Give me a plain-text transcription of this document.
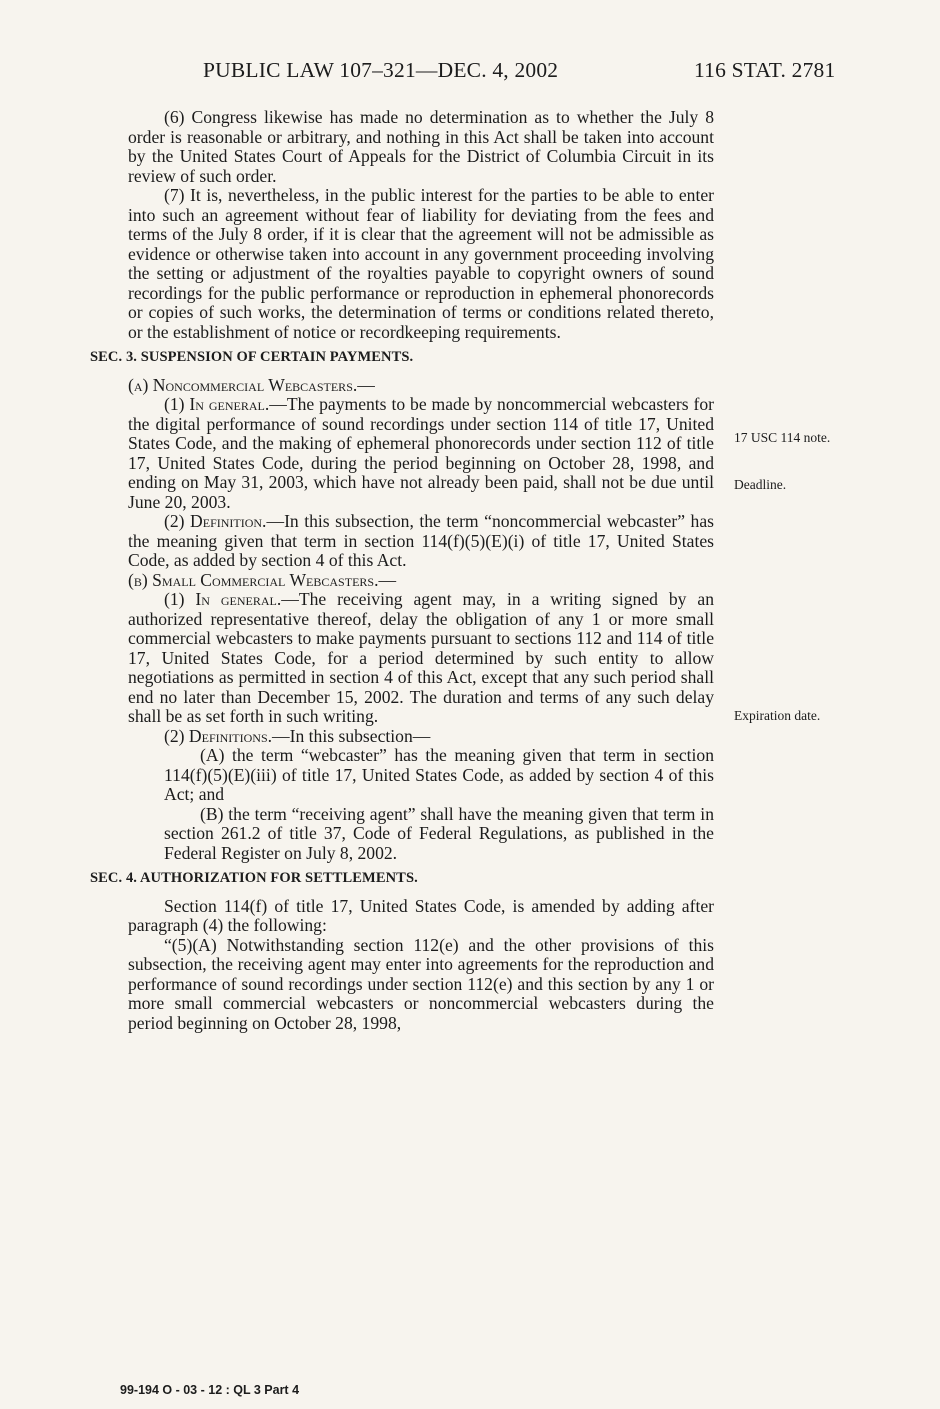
PUBLIC LAW 107–321—DEC. 4, 2002	116 STAT. 2781

(6) Congress likewise has made no determination as to whether the July 8 order is reasonable or arbitrary, and nothing in this Act shall be taken into account by the United States Court of Appeals for the District of Columbia Circuit in its review of such order.

(7) It is, nevertheless, in the public interest for the parties to be able to enter into such an agreement without fear of liability for deviating from the fees and terms of the July 8 order, if it is clear that the agreement will not be admissible as evidence or otherwise taken into account in any government proceeding involving the setting or adjustment of the royalties payable to copyright owners of sound recordings for the public performance or reproduction in ephemeral phonorecords or copies of such works, the determination of terms or conditions related thereto, or the establishment of notice or recordkeeping requirements.

SEC. 3. SUSPENSION OF CERTAIN PAYMENTS.

(a) Noncommercial Webcasters.—

(1) In general.—The payments to be made by noncommercial webcasters for the digital performance of sound recordings under section 114 of title 17, United States Code, and the making of ephemeral phonorecords under section 112 of title 17, United States Code, during the period beginning on October 28, 1998, and ending on May 31, 2003, which have not already been paid, shall not be due until June 20, 2003.

(2) Definition.—In this subsection, the term “noncommercial webcaster” has the meaning given that term in section 114(f)(5)(E)(i) of title 17, United States Code, as added by section 4 of this Act.

(b) Small Commercial Webcasters.—

(1) In general.—The receiving agent may, in a writing signed by an authorized representative thereof, delay the obligation of any 1 or more small commercial webcasters to make payments pursuant to sections 112 and 114 of title 17, United States Code, for a period determined by such entity to allow negotiations as permitted in section 4 of this Act, except that any such period shall end no later than December 15, 2002. The duration and terms of any such delay shall be as set forth in such writing.

(2) Definitions.—In this subsection—

(A) the term “webcaster” has the meaning given that term in section 114(f)(5)(E)(iii) of title 17, United States Code, as added by section 4 of this Act; and

(B) the term “receiving agent” shall have the meaning given that term in section 261.2 of title 37, Code of Federal Regulations, as published in the Federal Register on July 8, 2002.

SEC. 4. AUTHORIZATION FOR SETTLEMENTS.

Section 114(f) of title 17, United States Code, is amended by adding after paragraph (4) the following:

“(5)(A) Notwithstanding section 112(e) and the other provisions of this subsection, the receiving agent may enter into agreements for the reproduction and performance of sound recordings under section 112(e) and this section by any 1 or more small commercial webcasters or noncommercial webcasters during the period beginning on October 28, 1998,

17 USC 114 note.
Deadline.
Expiration date.
99-194 O - 03 - 12 : QL 3 Part 4
